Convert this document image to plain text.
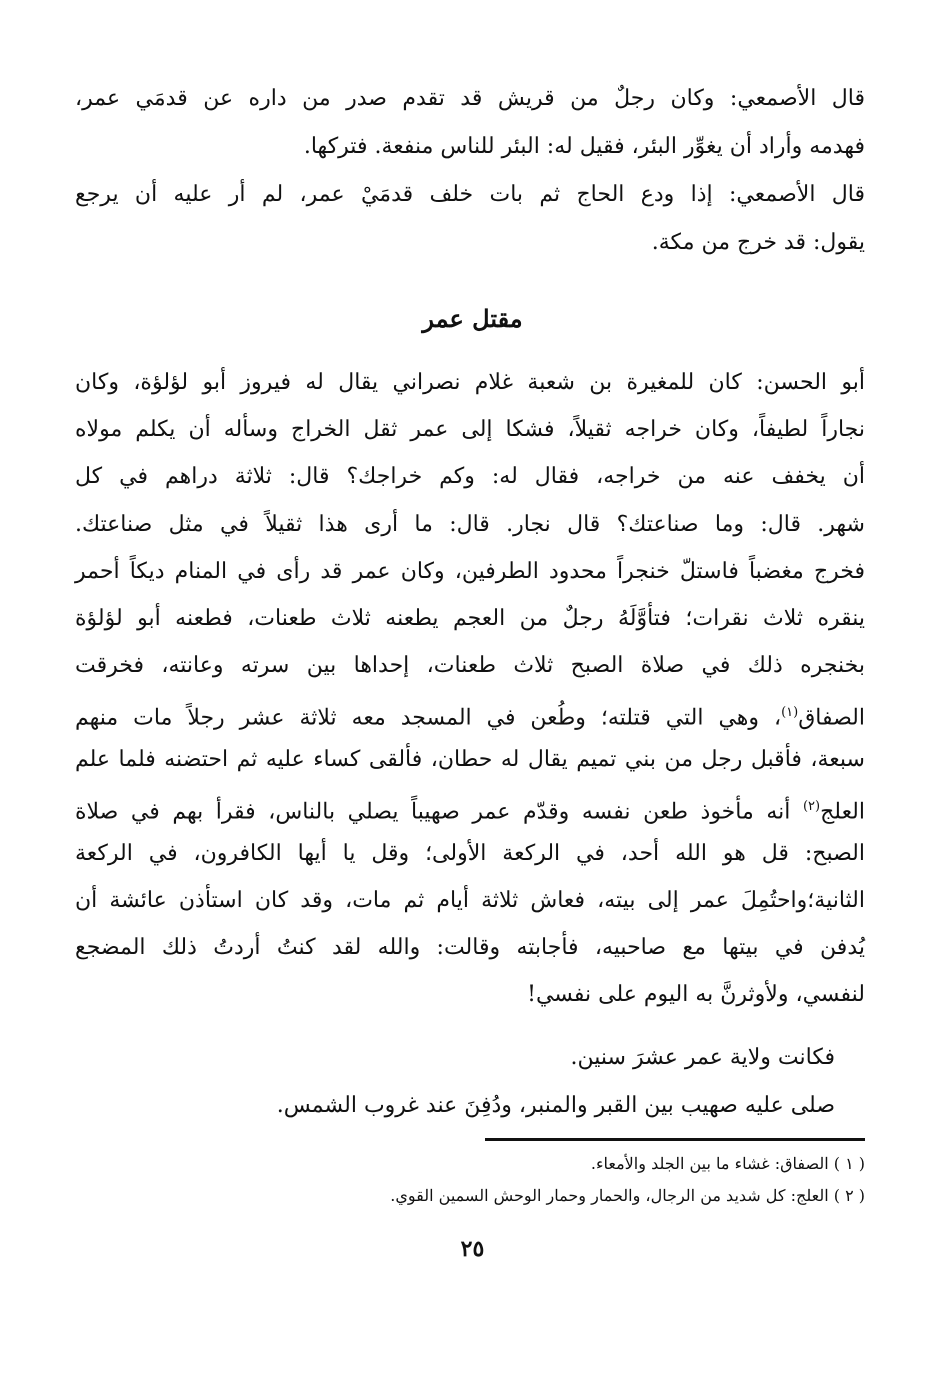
قال الأصمعي: وكان رجلٌ من قريش قد تقدم صدر من داره عن قدمَي عمر،
فهدمه وأراد أن يغوِّر البئر، فقيل له: البئر للناس منفعة. فتركها.
قال الأصمعي: إذا ودع الحاج ثم بات خلف قدمَيْ عمر، لم أر عليه أن يرجع
يقول: قد خرج من مكة.
مقتل عمر
أبو الحسن: كان للمغيرة بن شعبة غلام نصراني يقال له فيروز أبو لؤلؤة، وكان
نجاراً لطيفاً، وكان خراجه ثقيلاً، فشكا إلى عمر ثقل الخراج وسأله أن يكلم مولاه
أن يخفف عنه من خراجه، فقال له: وكم خراجك؟ قال: ثلاثة دراهم في كل
شهر. قال: وما صناعتك؟ قال نجار. قال: ما أرى هذا ثقيلاً في مثل صناعتك.
فخرج مغضباً فاستلّ خنجراً محدود الطرفين، وكان عمر قد رأى في المنام ديكاً أحمر
ينقره ثلاث نقرات؛ فتأوَّلَهُ رجلٌ من العجم يطعنه ثلاث طعنات، فطعنه أبو لؤلؤة
بخنجره ذلك في صلاة الصبح ثلاث طعنات، إحداها بين سرته وعانته، فخرقت
الصفاق$^{(١)}$، وهي التي قتلته؛ وطُعن في المسجد معه ثلاثة عشر رجلاً مات منهم
سبعة، فأقبل رجل من بني تميم يقال له حطان، فألقى كساء عليه ثم احتضنه فلما علم
العلج$^{(٢)}$ أنه مأخوذ طعن نفسه وقدّم عمر صهيباً يصلي بالناس، فقرأ بهم في صلاة
الصبح: قل هو الله أحد، في الركعة الأولى؛ وقل يا أيها الكافرون، في الركعة
الثانية؛واحتُمِلَ عمر إلى بيته، فعاش ثلاثة أيام ثم مات، وقد كان استأذن عائشة أن
يُدفن في بيتها مع صاحبيه، فأجابته وقالت: والله لقد كنتُ أردتُ ذلك المضجع
لنفسي، ولأوثرنَّ به اليوم على نفسي!
فكانت ولاية عمر عشرَ سنين.
صلى عليه صهيب بين القبر والمنبر، ودُفِنَ عند غروب الشمس.
( ١ ) الصفاق: غشاء ما بين الجلد والأمعاء.
( ٢ ) العلج: كل شديد من الرجال، والحمار وحمار الوحش السمين القوي.
٢٥
